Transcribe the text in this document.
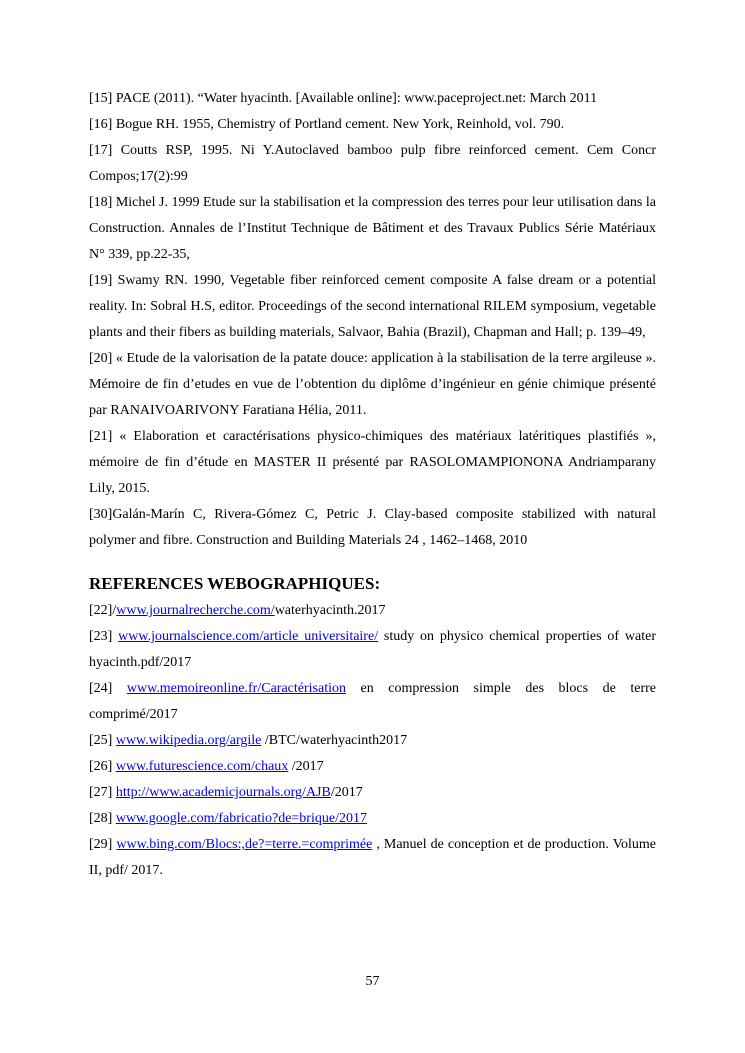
[15] PACE (2011). “Water hyacinth. [Available online]: www.paceproject.net: March 2011

[16] Bogue RH. 1955, Chemistry of Portland cement. New York, Reinhold, vol. 790.

[17] Coutts RSP, 1995. Ni Y.Autoclaved bamboo pulp fibre reinforced cement. Cem Concr Compos;17(2):99

[18] Michel J. 1999 Etude sur la stabilisation et la compression des terres pour leur utilisation dans la Construction. Annales de l’Institut Technique de Bâtiment et des Travaux Publics Série Matériaux N° 339, pp.22-35,

[19] Swamy RN. 1990, Vegetable fiber reinforced cement composite A false dream or a potential reality. In: Sobral H.S, editor. Proceedings of the second international RILEM symposium, vegetable plants and their fibers as building materials, Salvaor, Bahia (Brazil), Chapman and Hall; p. 139–49,

[20] « Etude de la valorisation de la patate douce: application à la stabilisation de la terre argileuse ». Mémoire de fin d’etudes en vue de l’obtention du diplôme d’ingénieur en génie chimique présenté par RANAIVOARIVONY Faratiana Hélia, 2011.

[21] « Elaboration et caractérisations physico-chimiques des matériaux latéritiques plastifiés », mémoire de fin d’étude en MASTER II présenté par RASOLOMAMPIONONA Andriamparany Lily, 2015.

[30]Galán-Marín C, Rivera-Gómez C, Petric J. Clay-based composite stabilized with natural polymer and fibre. Construction and Building Materials 24 , 1462–1468, 2010

REFERENCES WEBOGRAPHIQUES:

[22]/www.journalrecherche.com/waterhyacinth.2017

[23] www.journalscience.com/article universitaire/ study on physico chemical properties of water hyacinth.pdf/2017

[24] www.memoireonline.fr/Caractérisation en compression simple des blocs de terre comprimé/2017

[25] www.wikipedia.org/argile /BTC/waterhyacinth2017

[26] www.futurescience.com/chaux /2017

[27] http://www.academicjournals.org/AJB/2017

[28] www.google.com/fabricatio?de=brique/2017

[29] www.bing.com/Blocs:,de?=terre.=comprimée , Manuel de conception et de production. Volume II, pdf/ 2017.

57
